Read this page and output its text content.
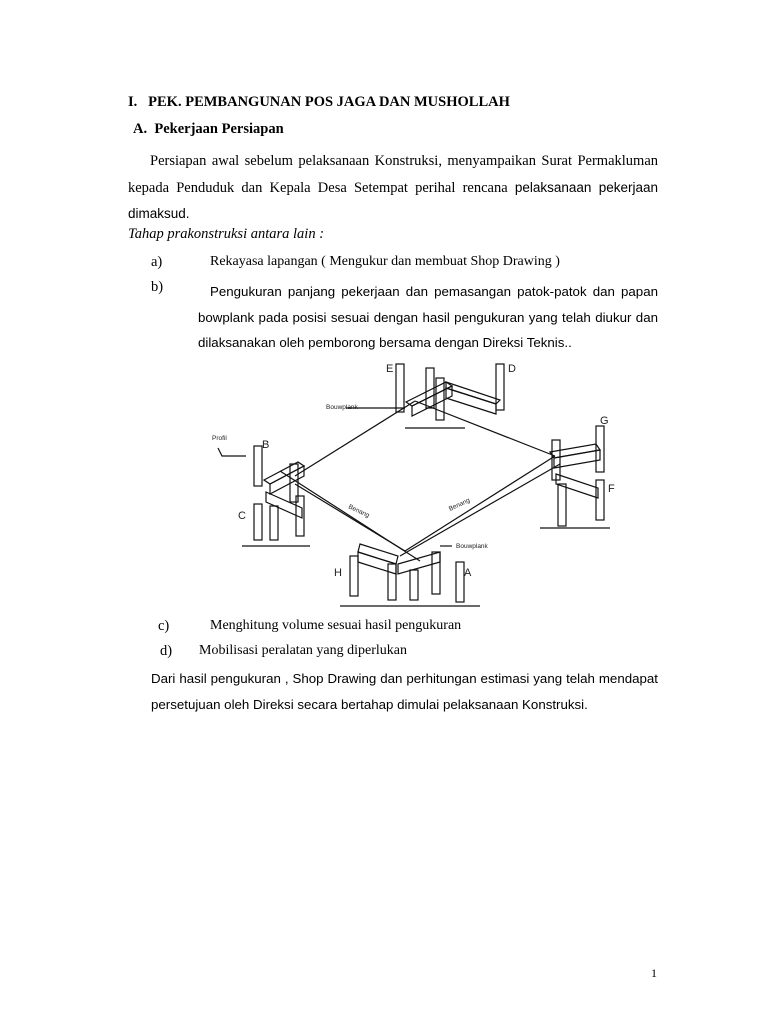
I. PEK. PEMBANGUNAN POS JAGA DAN MUSHOLLAH
A. Pekerjaan Persiapan
Persiapan awal sebelum pelaksanaan Konstruksi, menyampaikan Surat Permakluman kepada Penduduk dan Kepala Desa Setempat perihal rencana pelaksanaan pekerjaan dimaksud.
Tahap prakonstruksi antara lain :
a)	Rekayasa lapangan ( Mengukur dan membuat Shop Drawing )
b)	Pengukuran panjang pekerjaan dan pemasangan patok-patok dan papan bowplank pada posisi sesuai dengan hasil pengukuran yang telah diukur dan dilaksanakan oleh pemborong bersama dengan Direksi Teknis..
E	D
G
F
B
C
H	A
Profil
Bouwplank
Bouwplank
Benang	Benang
c)	Menghitung volume sesuai hasil pengukuran
d) Mobilisasi peralatan yang diperlukan
Dari hasil pengukuran , Shop Drawing dan perhitungan estimasi yang telah mendapat persetujuan oleh Direksi secara bertahap dimulai pelaksanaan Konstruksi.
1
